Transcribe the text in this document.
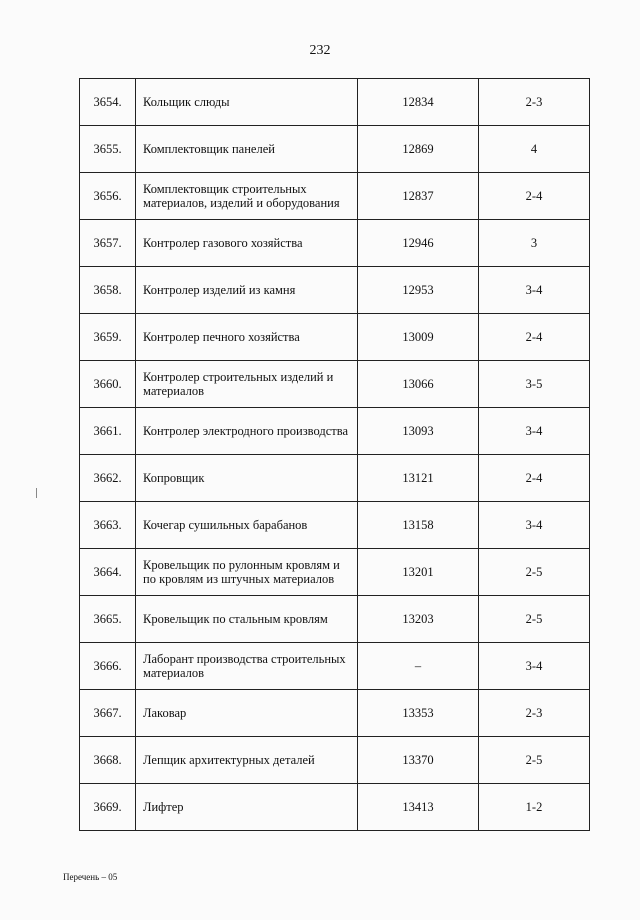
232
3654.	Кольщик слюды	12834	2-3
3655.	Комплектовщик панелей	12869	4
3656.	Комплектовщик строительных материалов, изделий и оборудования	12837	2-4
3657.	Контролер газового хозяйства	12946	3
3658.	Контролер изделий из камня	12953	3-4
3659.	Контролер печного хозяйства	13009	2-4
3660.	Контролер строительных изделий и материалов	13066	3-5
3661.	Контролер электродного производства	13093	3-4
3662.	Копровщик	13121	2-4
3663.	Кочегар сушильных барабанов	13158	3-4
3664.	Кровельщик по рулонным кровлям и по кровлям из штучных материалов	13201	2-5
3665.	Кровельщик по стальным кровлям	13203	2-5
3666.	Лаборант производства строительных материалов	–	3-4
3667.	Лаковар	13353	2-3
3668.	Лепщик архитектурных деталей	13370	2-5
3669.	Лифтер	13413	1-2
Перечень – 05
